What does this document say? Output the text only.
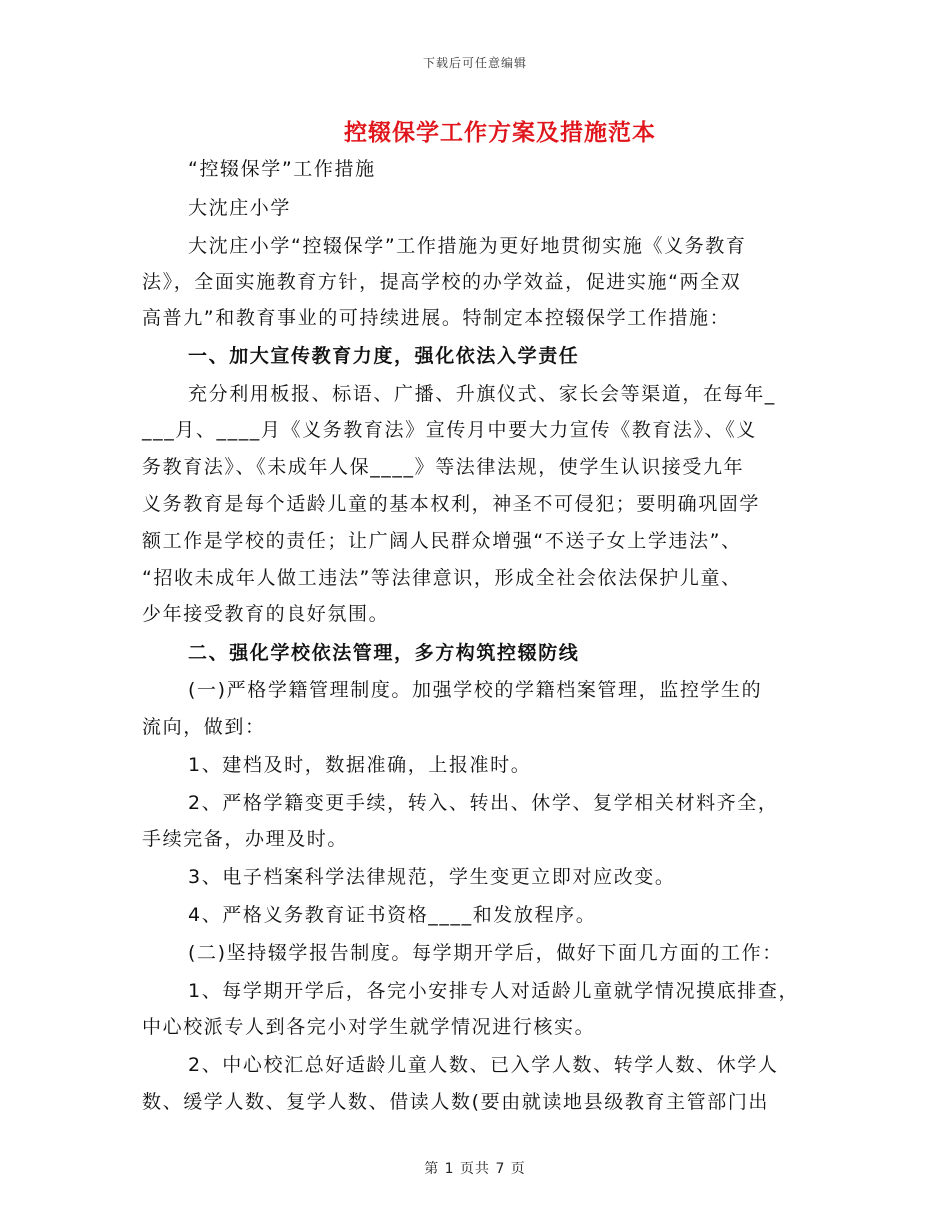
下载后可任意编辑
控辍保学工作方案及措施范本
“控辍保学”工作措施
大沈庄小学
大沈庄小学“控辍保学”工作措施为更好地贯彻实施《义务教育
法》，全面实施教育方针，提高学校的办学效益，促进实施“两全双
高普九”和教育事业的可持续进展。特制定本控辍保学工作措施：
一、加大宣传教育力度，强化依法入学责任
充分利用板报、标语、广播、升旗仪式、家长会等渠道，在每年_
___月、____月《义务教育法》宣传月中要大力宣传《教育法》、《义
务教育法》、《未成年人保____》等法律法规，使学生认识接受九年
义务教育是每个适龄儿童的基本权利，神圣不可侵犯；要明确巩固学
额工作是学校的责任；让广阔人民群众增强“不送子女上学违法”、
“招收未成年人做工违法”等法律意识，形成全社会依法保护儿童、
少年接受教育的良好氛围。
二、强化学校依法管理，多方构筑控辍防线
(一)严格学籍管理制度。加强学校的学籍档案管理，监控学生的
流向，做到：
1、建档及时，数据准确，上报准时。
2、严格学籍变更手续，转入、转出、休学、复学相关材料齐全，
手续完备，办理及时。
3、电子档案科学法律规范，学生变更立即对应改变。
4、严格义务教育证书资格____和发放程序。
(二)坚持辍学报告制度。每学期开学后，做好下面几方面的工作：
1、每学期开学后，各完小安排专人对适龄儿童就学情况摸底排查，
中心校派专人到各完小对学生就学情况进行核实。
2、中心校汇总好适龄儿童人数、已入学人数、转学人数、休学人
数、缓学人数、复学人数、借读人数(要由就读地县级教育主管部门出
第 1 页共 7 页
